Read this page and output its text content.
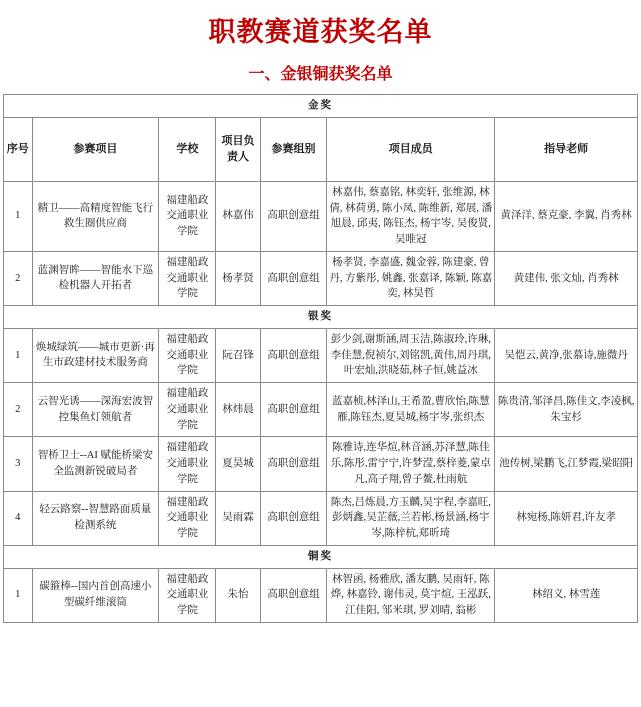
职教赛道获奖名单
一、金银铜获奖名单
金奖						
序号	参赛项目	学校	项目负责人	参赛组别	项目成员	指导老师
1	精卫——高精度智能飞行救生圈供应商	福建船政交通职业学院	林嘉伟	高职创意组	林嘉伟, 蔡嘉铭, 林奕轩, 张维源, 林倩, 林荷勇, 陈小凤, 陈维新, 郑展, 潘旭晨, 邱夷, 陈钰杰, 杨宇岑, 吴俊贤, 吴唯冠	黄泽洋, 蔡克豪, 李翼, 肖秀林
2	蓝渊智眸——智能水下巡检机器人开拓者	福建船政交通职业学院	杨孝贤	高职创意组	杨孝贤, 李嘉盛, 魏金蓉, 陈建豪, 曾丹, 方紫彤, 姚鑫, 张嘉译, 陈颖, 陈嘉奕, 林昊哲	黄建伟, 张文灿, 肖秀林
银奖						
1	焕城绿筑——城市更新·再生市政建材技术服务商	福建船政交通职业学院	阮召锋	高职创意组	彭少剑,谢斯涵,周玉洁,陈淑玲,许琳,李佳慧,倪祯尔,刘铭凯,黄伟,周丹琪,叶宏灿,洪晓茹,林子恒,姚益冰	吴恺云,黄净,张慕诗,施微丹
2	云智光诱——深海宏波智控集鱼灯领航者	福建船政交通职业学院	林炜晨	高职创意组	蓝嘉桢,林泽山,王希盈,曹欣怡,陈慧雁,陈钰杰,夏昊城,杨宇岑,张织杰	陈贵清,邹泽昌,陈佳文,李凌枫,朱宝杉
3	智桥卫士--AI 赋能桥梁安全监测新锐破局者	福建船政交通职业学院	夏昊城	高职创意组	陈雅诗,连华煊,林音涵,苏泽慧,陈佳乐,陈彤,雷宁宁,许梦滢,蔡梓菱,蒙卓凡,高子翔,曾子鳌,杜雨航	池传树,梁鹏飞,江梦霞,梁昭阳
4	轻云路察--智慧路面质量检测系统	福建船政交通职业学院	吴雨霖	高职创意组	陈杰,吕炼晨,方玉麟,吴宇程,李嘉旺,彭炳鑫,吴芷薇,兰若彬,杨景涵,杨宇岑,陈梓杭,郑昕琦	林宛杨,陈妍君,许友孝
铜奖						
1	碳箍棒--国内首创高速小型碳纤维滚筒	福建船政交通职业学院	朱怡	高职创意组	林智函, 杨雅欣, 潘友鹏, 吴雨轩, 陈烨, 林嘉铃, 谢伟灵, 莫宇煊, 王泓跃, 江佳阳, 邹米琪, 罗刘晴, 翁彬	林绍义, 林雪莲
